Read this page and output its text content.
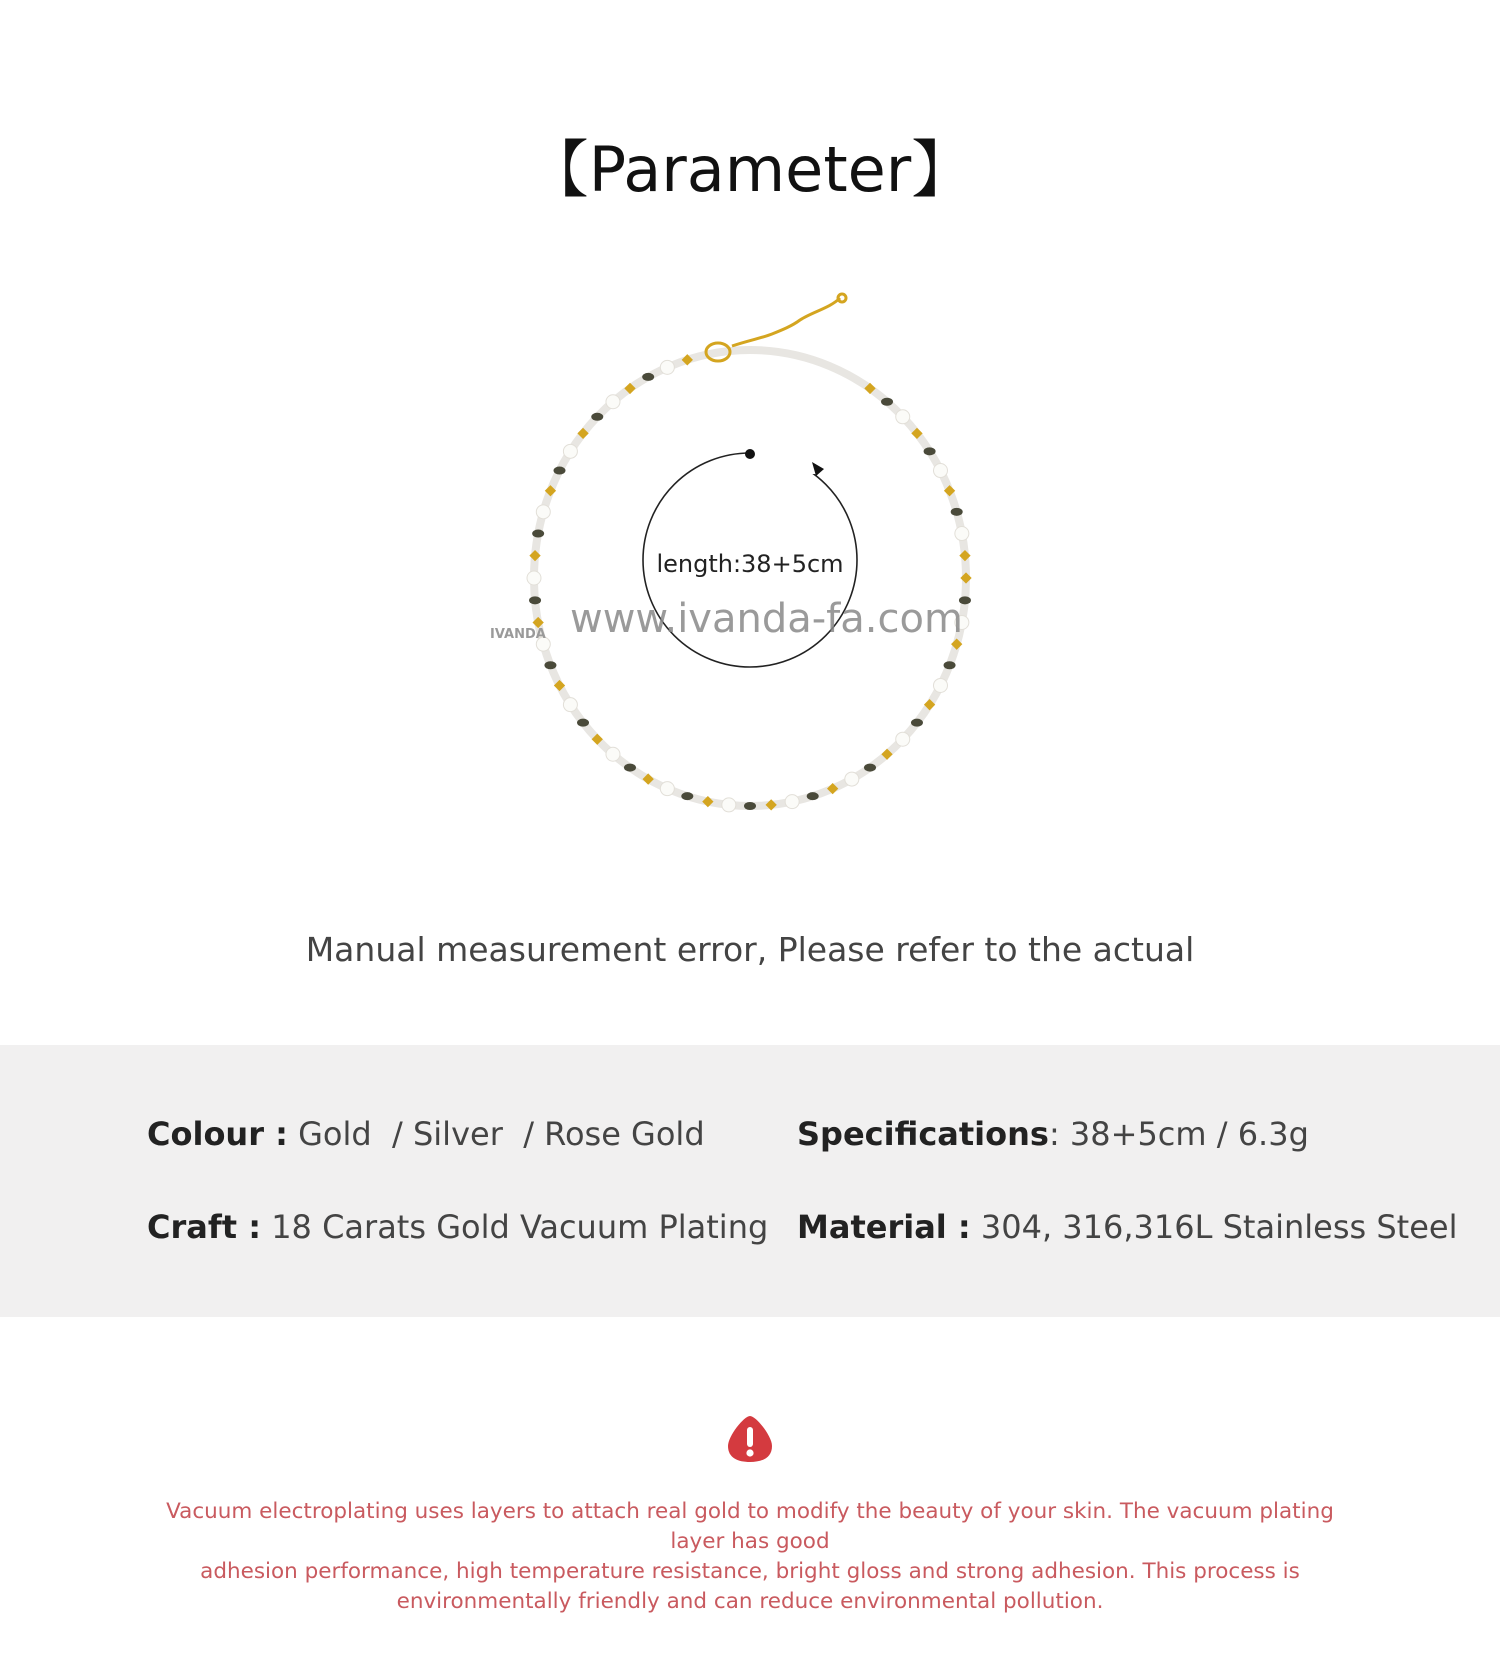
【Parameter】
length:38+5cm
IVANDA www.ivanda-fa.com
Manual measurement error, Please refer to the actual
Colour : Gold  / Silver  / Rose Gold	Specifications: 38+5cm / 6.3g
Craft : 18 Carats Gold Vacuum Plating Material : 304, 316,316L Stainless Steel
Vacuum electroplating uses layers to attach real gold to modify the beauty of your skin. The vacuum plating layer has good
adhesion performance, high temperature resistance, bright gloss and strong adhesion. This process is
environmentally friendly and can reduce environmental pollution.
